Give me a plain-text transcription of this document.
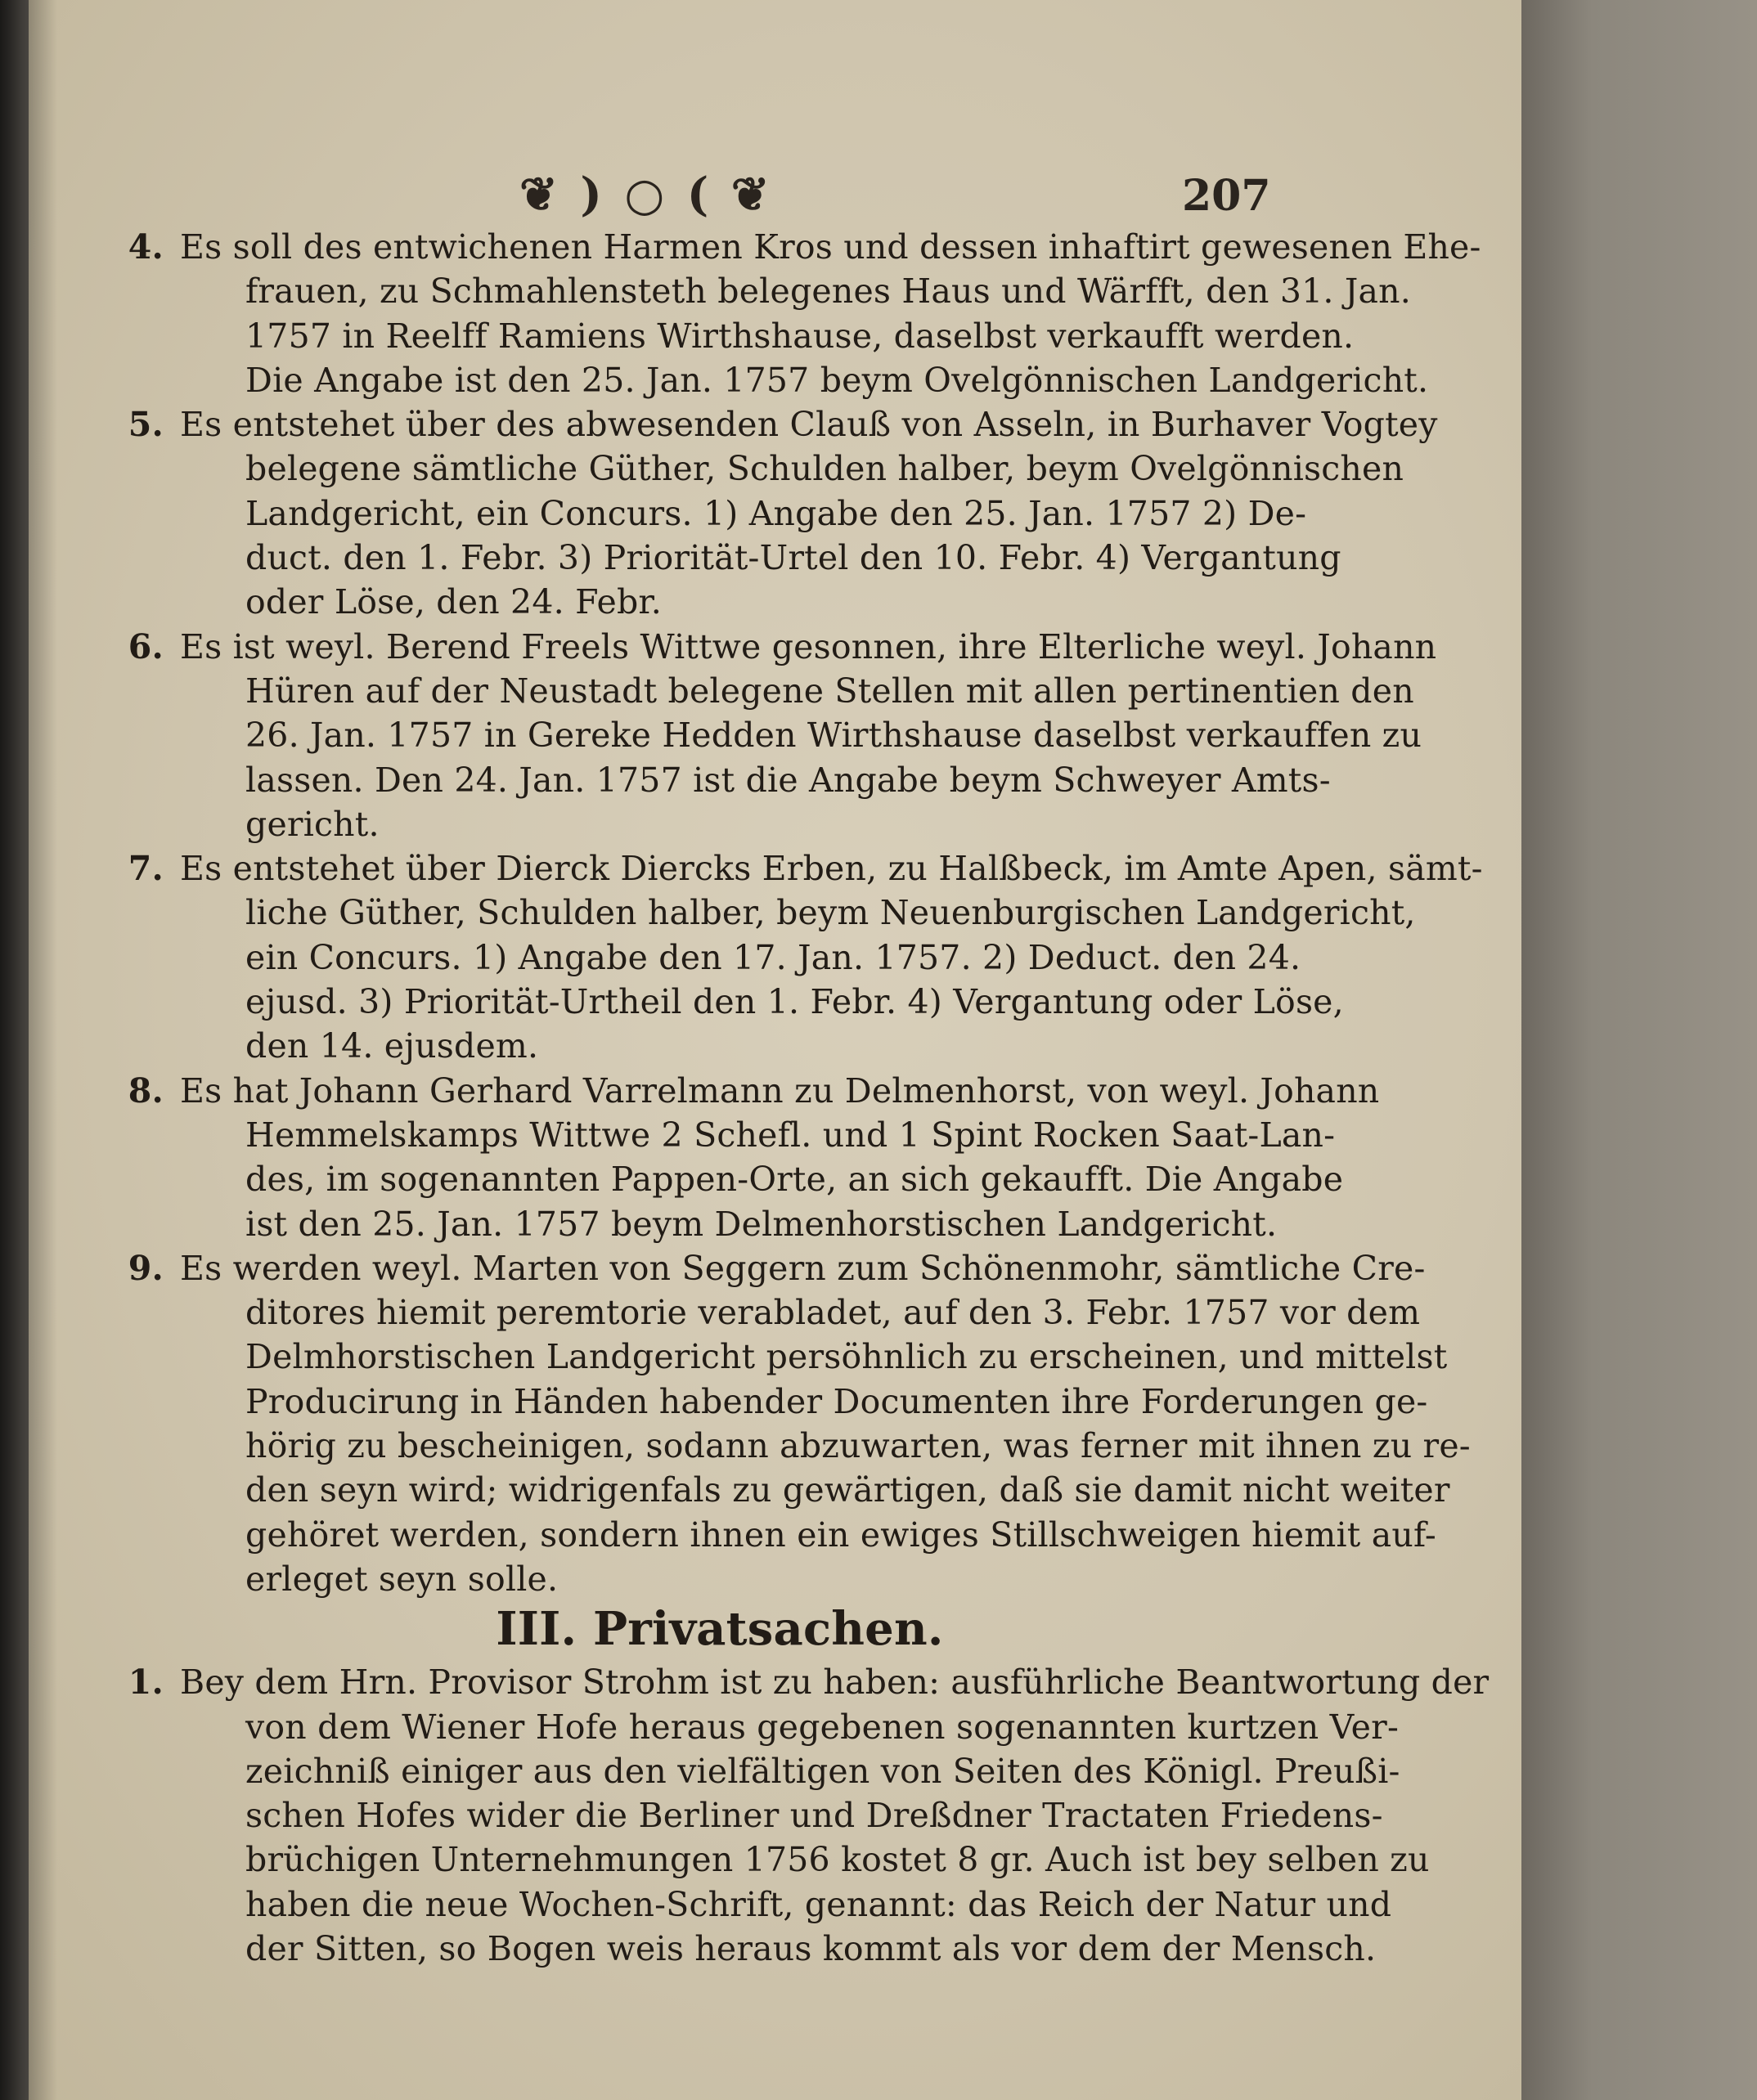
❦ ) ○ ( ❦	207
4. Es soll des entwichenen Harmen Kros und dessen inhaftirt gewesenen Ehe-
frauen, zu Schmahlensteth belegenes Haus und Wärfft, den 31. Jan.
1757 in Reelff Ramiens Wirthshause, daselbst verkaufft werden.
Die Angabe ist den 25. Jan. 1757 beym Ovelgönnischen Landgericht.
5. Es entstehet über des abwesenden Clauß von Asseln, in Burhaver Vogtey
belegene sämtliche Güther, Schulden halber, beym Ovelgönnischen
Landgericht, ein Concurs. 1) Angabe den 25. Jan. 1757 2) De-
duct. den 1. Febr. 3) Priorität-Urtel den 10. Febr. 4) Vergantung
oder Löse, den 24. Febr.
6. Es ist weyl. Berend Freels Wittwe gesonnen, ihre Elterliche weyl. Johann
Hüren auf der Neustadt belegene Stellen mit allen pertinentien den
26. Jan. 1757 in Gereke Hedden Wirthshause daselbst verkauffen zu
lassen. Den 24. Jan. 1757 ist die Angabe beym Schweyer Amts-
gericht.
7. Es entstehet über Dierck Diercks Erben, zu Halßbeck, im Amte Apen, sämt-
liche Güther, Schulden halber, beym Neuenburgischen Landgericht,
ein Concurs. 1) Angabe den 17. Jan. 1757. 2) Deduct. den 24.
ejusd. 3) Priorität-Urtheil den 1. Febr. 4) Vergantung oder Löse,
den 14. ejusdem.
8. Es hat Johann Gerhard Varrelmann zu Delmenhorst, von weyl. Johann
Hemmelskamps Wittwe 2 Schefl. und 1 Spint Rocken Saat-Lan-
des, im sogenannten Pappen-Orte, an sich gekaufft. Die Angabe
ist den 25. Jan. 1757 beym Delmenhorstischen Landgericht.
9. Es werden weyl. Marten von Seggern zum Schönenmohr, sämtliche Cre-
ditores hiemit peremtorie verabladet, auf den 3. Febr. 1757 vor dem
Delmhorstischen Landgericht persöhnlich zu erscheinen, und mittelst
Producirung in Händen habender Documenten ihre Forderungen ge-
hörig zu bescheinigen, sodann abzuwarten, was ferner mit ihnen zu re-
den seyn wird; widrigenfals zu gewärtigen, daß sie damit nicht weiter
gehöret werden, sondern ihnen ein ewiges Stillschweigen hiemit auf-
erleget seyn solle.
III. Privatsachen.
1. Bey dem Hrn. Provisor Strohm ist zu haben: ausführliche Beantwortung der
von dem Wiener Hofe heraus gegebenen sogenannten kurtzen Ver-
zeichniß einiger aus den vielfältigen von Seiten des Königl. Preußi-
schen Hofes wider die Berliner und Dreßdner Tractaten Friedens-
brüchigen Unternehmungen 1756 kostet 8 gr. Auch ist bey selben zu
haben die neue Wochen-Schrift, genannt: das Reich der Natur und
der Sitten, so Bogen weis heraus kommt als vor dem der Mensch.
